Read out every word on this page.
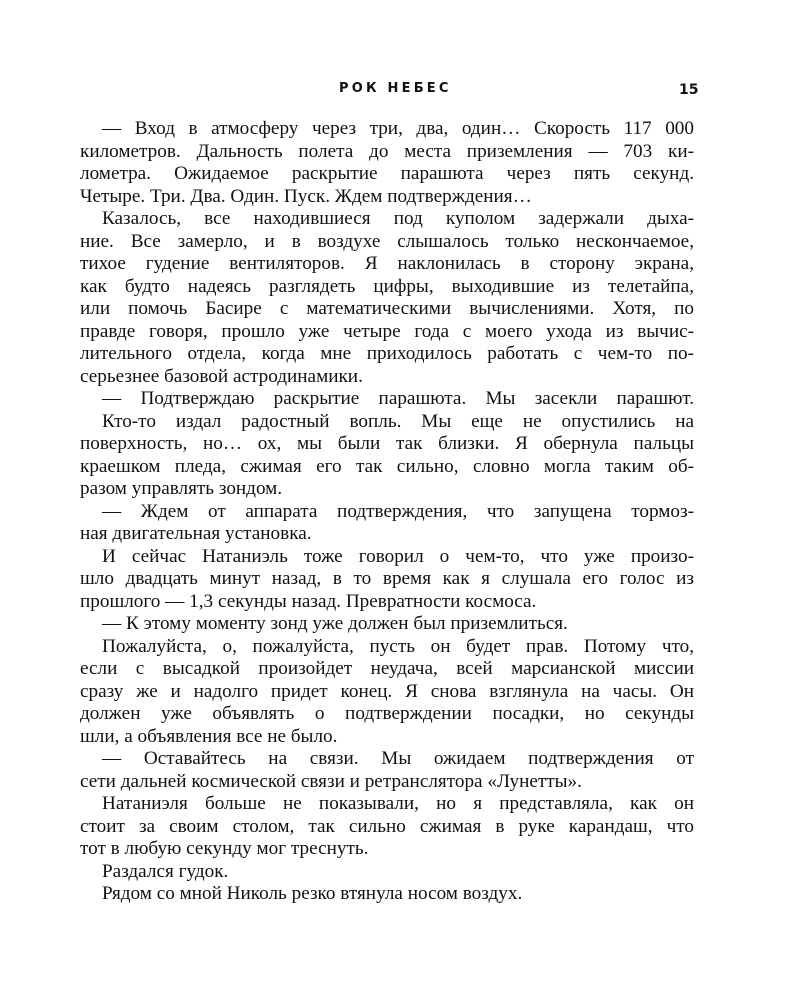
РОК НЕБЕС	15
— Вход в атмосферу через три, два, один… Скорость 117 000
километров. Дальность полета до места приземления — 703 ки-
лометра. Ожидаемое раскрытие парашюта через пять секунд.
Четыре. Три. Два. Один. Пуск. Ждем подтверждения…
Казалось, все находившиеся под куполом задержали дыха-
ние. Все замерло, и в воздухе слышалось только нескончаемое,
тихое гудение вентиляторов. Я наклонилась в сторону экрана,
как будто надеясь разглядеть цифры, выходившие из телетайпа,
или помочь Басире с математическими вычислениями. Хотя, по
правде говоря, прошло уже четыре года с моего ухода из вычис-
лительного отдела, когда мне приходилось работать с чем-то по-
серьезнее базовой астродинамики.
— Подтверждаю раскрытие парашюта. Мы засекли парашют.
Кто-то издал радостный вопль. Мы еще не опустились на
поверхность, но… ох, мы были так близки. Я обернула пальцы
краешком пледа, сжимая его так сильно, словно могла таким об-
разом управлять зондом.
— Ждем от аппарата подтверждения, что запущена тормоз-
ная двигательная установка.
И сейчас Натаниэль тоже говорил о чем-то, что уже произо-
шло двадцать минут назад, в то время как я слушала его голос из
прошлого — 1,3 секунды назад. Превратности космоса.
— К этому моменту зонд уже должен был приземлиться.
Пожалуйста, о, пожалуйста, пусть он будет прав. Потому что,
если с высадкой произойдет неудача, всей марсианской миссии
сразу же и надолго придет конец. Я снова взглянула на часы. Он
должен уже объявлять о подтверждении посадки, но секунды
шли, а объявления все не было.
— Оставайтесь на связи. Мы ожидаем подтверждения от
сети дальней космической связи и ретранслятора «Лунетты».
Натаниэля больше не показывали, но я представляла, как он
стоит за своим столом, так сильно сжимая в руке карандаш, что
тот в любую секунду мог треснуть.
Раздался гудок.
Рядом со мной Николь резко втянула носом воздух.
